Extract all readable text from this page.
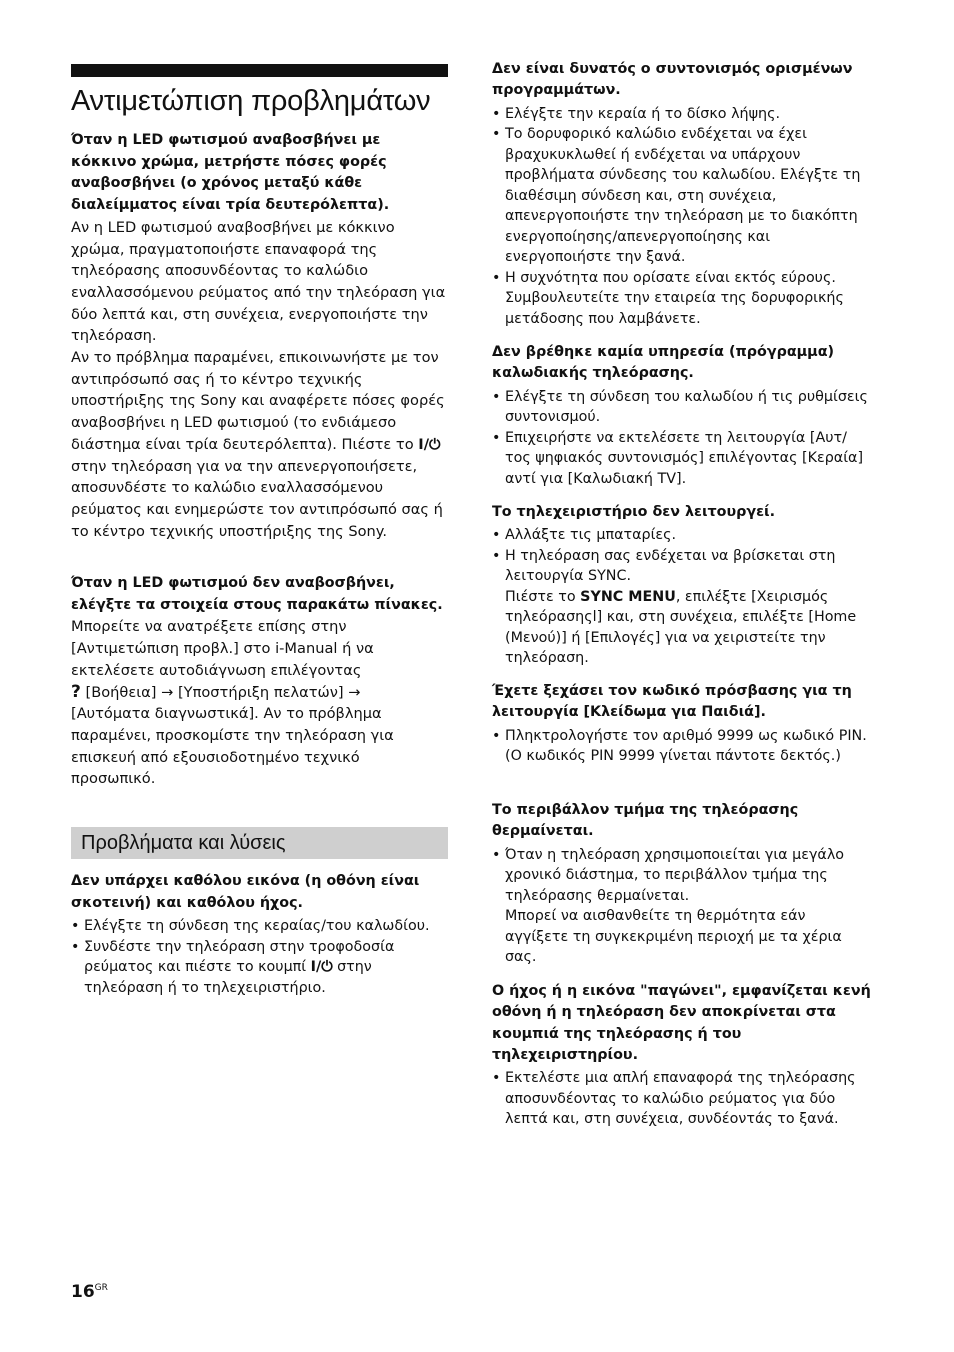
Αντιμετώπιση προβλημάτων

Όταν η LED φωτισμού αναβοσβήνει με κόκκινο χρώμα, μετρήστε πόσες φορές αναβοσβήνει (ο χρόνος μεταξύ κάθε διαλείμματος είναι τρία δευτερόλεπτα).

Αν η LED φωτισμού αναβοσβήνει με κόκκινο χρώμα, πραγματοποιήστε επαναφορά της τηλεόρασης αποσυνδέοντας το καλώδιο εναλλασσόμενου ρεύματος από την τηλεόραση για δύο λεπτά και, στη συνέχεια, ενεργοποιήστε την τηλεόραση.

Αν το πρόβλημα παραμένει, επικοινωνήστε με τον αντιπρόσωπό σας ή το κέντρο τεχνικής υποστήριξης της Sony και αναφέρετε πόσες φορές αναβοσβήνει η LED φωτισμού (το ενδιάμεσο διάστημα είναι τρία δευτερόλεπτα). Πιέστε το I/⏻ στην τηλεόραση για να την απενεργοποιήσετε, αποσυνδέστε το καλώδιο εναλλασσόμενου ρεύματος και ενημερώστε τον αντιπρόσωπό σας ή το κέντρο τεχνικής υποστήριξης της Sony.

Όταν η LED φωτισμού δεν αναβοσβήνει, ελέγξτε τα στοιχεία στους παρακάτω πίνακες.

Μπορείτε να ανατρέξετε επίσης στην [Αντιμετώπιση προβλ.] στο i-Manual ή να εκτελέσετε αυτοδιάγνωση επιλέγοντας
? [Βοήθεια] → [Υποστήριξη πελατών] →
[Αυτόματα διαγνωστικά]. Αν το πρόβλημα παραμένει, προσκομίστε την τηλεόραση για επισκευή από εξουσιοδοτημένο τεχνικό προσωπικό.

Δεν υπάρχει καθόλου εικόνα (η οθόνη είναι σκοτεινή) και καθόλου ήχος.

• Ελέγξτε τη σύνδεση της κεραίας/του καλωδίου.
• Συνδέστε την τηλεόραση στην τροφοδοσία ρεύματος και πιέστε το κουμπί I/⏻ στην τηλεόραση ή το τηλεχειριστήριο.
Προβλήματα και λύσεις

Δεν είναι δυνατός ο συντονισμός ορισμένων προγραμμάτων.

• Ελέγξτε την κεραία ή το δίσκο λήψης.
• Το δορυφορικό καλώδιο ενδέχεται να έχει βραχυκυκλωθεί ή ενδέχεται να υπάρχουν προβλήματα σύνδεσης του καλωδίου. Ελέγξτε τη διαθέσιμη σύνδεση και, στη συνέχεια, απενεργοποιήστε την τηλεόραση με το διακόπτη ενεργοποίησης/απενεργοποίησης και ενεργοποιήστε την ξανά.
• Η συχνότητα που ορίσατε είναι εκτός εύρους. Συμβουλευτείτε την εταιρεία της δορυφορικής μετάδοσης που λαμβάνετε.

Δεν βρέθηκε καμία υπηρεσία (πρόγραμμα) καλωδιακής τηλεόρασης.

• Ελέγξτε τη σύνδεση του καλωδίου ή τις ρυθμίσεις συντονισμού.
• Επιχειρήστε να εκτελέσετε τη λειτουργία [Αυτ/τος ψηφιακός συντονισμός] επιλέγοντας [Κεραία] αντί για [Καλωδιακή TV].

Το τηλεχειριστήριο δεν λειτουργεί.

• Αλλάξτε τις μπαταρίες.
• Η τηλεόραση σας ενδέχεται να βρίσκεται στη λειτουργία SYNC.
Πιέστε το SYNC MENU, επιλέξτε [Χειρισμός τηλεόρασηςl] και, στη συνέχεια, επιλέξτε [Home (Μενού)] ή [Επιλογές] για να χειριστείτε την τηλεόραση.

Έχετε ξεχάσει τον κωδικό πρόσβασης για τη λειτουργία [Κλείδωμα για Παιδιά].

• Πληκτρολογήστε τον αριθμό 9999 ως κωδικό PIN. (Ο κωδικός PIN 9999 γίνεται πάντοτε δεκτός.)

Το περιβάλλον τμήμα της τηλεόρασης θερμαίνεται.

• Όταν η τηλεόραση χρησιμοποιείται για μεγάλο χρονικό διάστημα, το περιβάλλον τμήμα της τηλεόρασης θερμαίνεται.
Μπορεί να αισθανθείτε τη θερμότητα εάν αγγίξετε τη συγκεκριμένη περιοχή με τα χέρια σας.

Ο ήχος ή η εικόνα "παγώνει", εμφανίζεται κενή οθόνη ή η τηλεόραση δεν αποκρίνεται στα κουμπιά της τηλεόρασης ή του τηλεχειριστηρίου.

• Εκτελέστε μια απλή επαναφορά της τηλεόρασης αποσυνδέοντας το καλώδιο ρεύματος για δύο λεπτά και, στη συνέχεια, συνδέοντάς το ξανά.
$16^{GR}$
